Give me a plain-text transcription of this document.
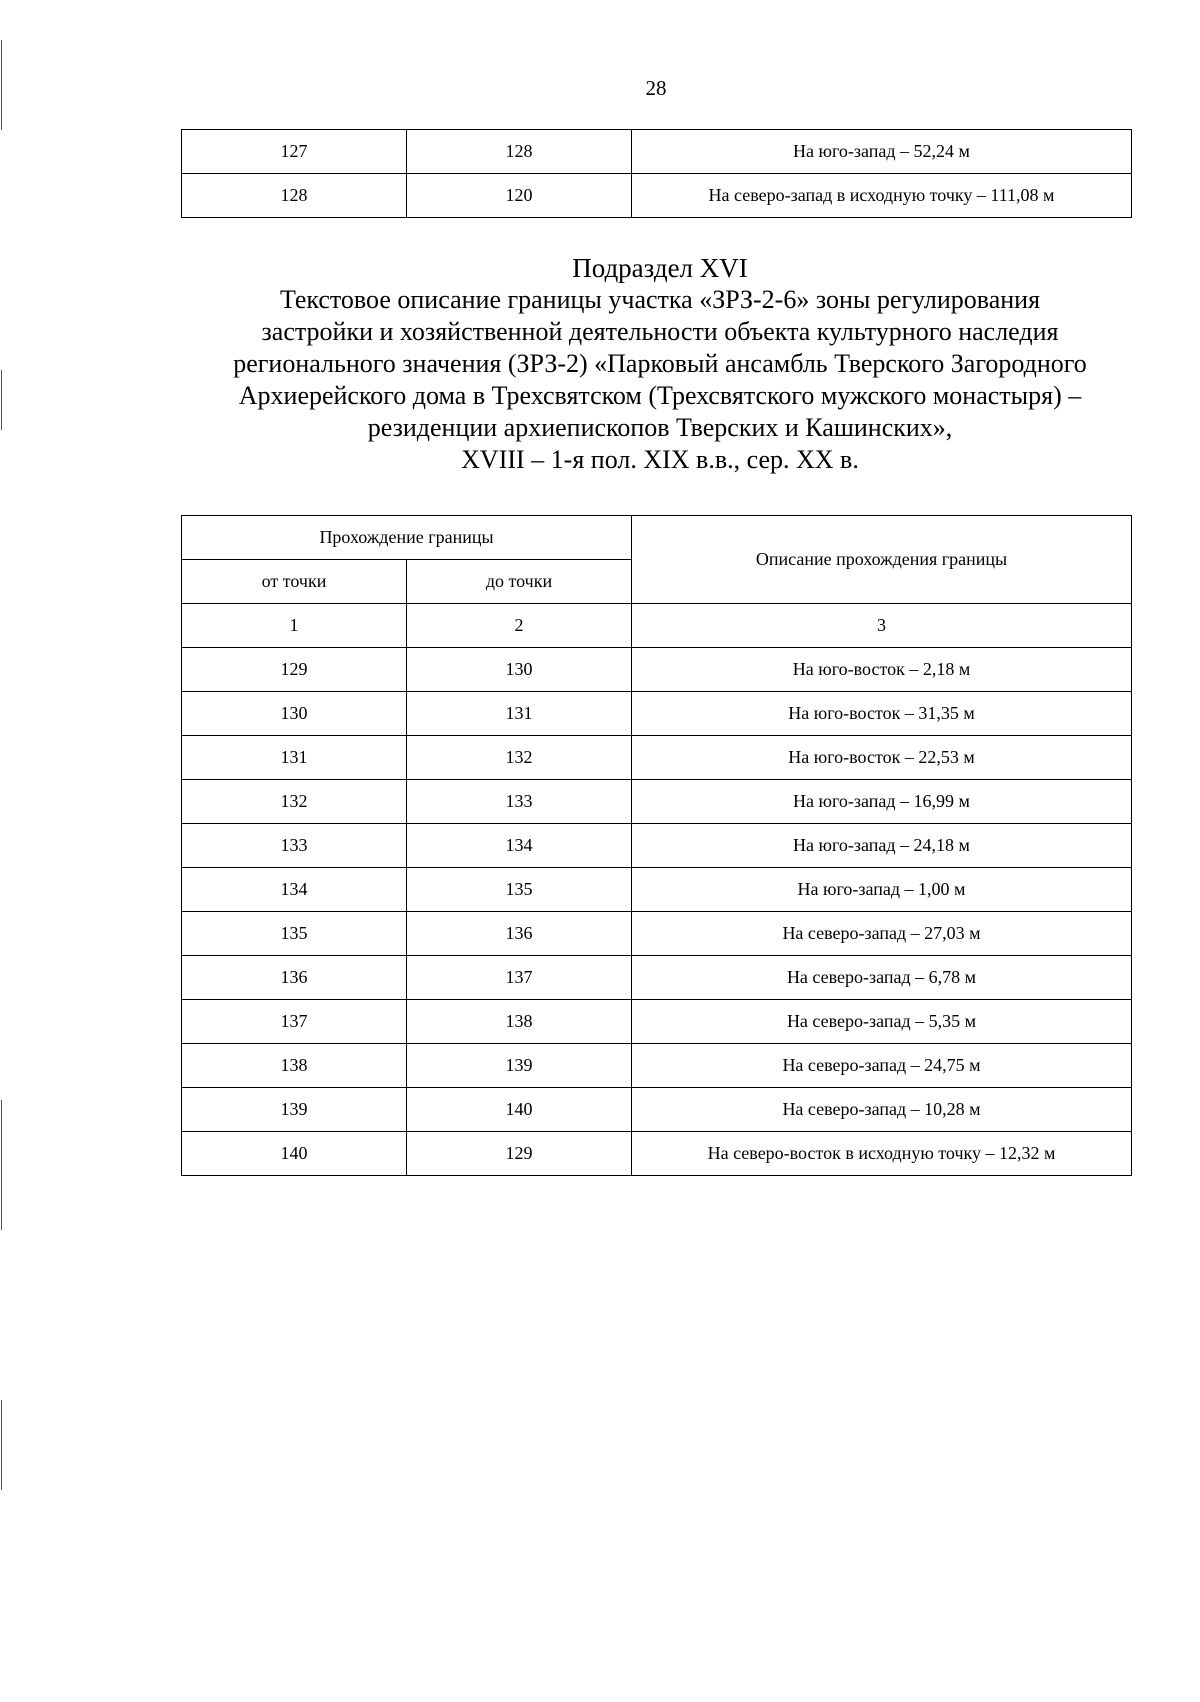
28
127	128	На юго-запад – 52,24 м
128	120	На северо-запад в исходную точку – 111,08 м
Подраздел XVI
Текстовое описание границы участка «ЗРЗ-2-6» зоны регулирования
застройки и хозяйственной деятельности объекта культурного наследия
регионального значения (ЗРЗ-2) «Парковый ансамбль Тверского Загородного
Архиерейского дома в Трехсвятском (Трехсвятского мужского монастыря) –
резиденции архиепископов Тверских и Кашинских»,
XVIII – 1-я пол. XIX в.в., сер. XX в.
Прохождение границы		Описание прохождения границы
от точки	до точки	
1	2	3
129	130	На юго-восток – 2,18 м
130	131	На юго-восток – 31,35 м
131	132	На юго-восток – 22,53 м
132	133	На юго-запад – 16,99 м
133	134	На юго-запад – 24,18 м
134	135	На юго-запад – 1,00 м
135	136	На северо-запад – 27,03 м
136	137	На северо-запад – 6,78 м
137	138	На северо-запад – 5,35 м
138	139	На северо-запад – 24,75 м
139	140	На северо-запад – 10,28 м
140	129	На северо-восток в исходную точку – 12,32 м
